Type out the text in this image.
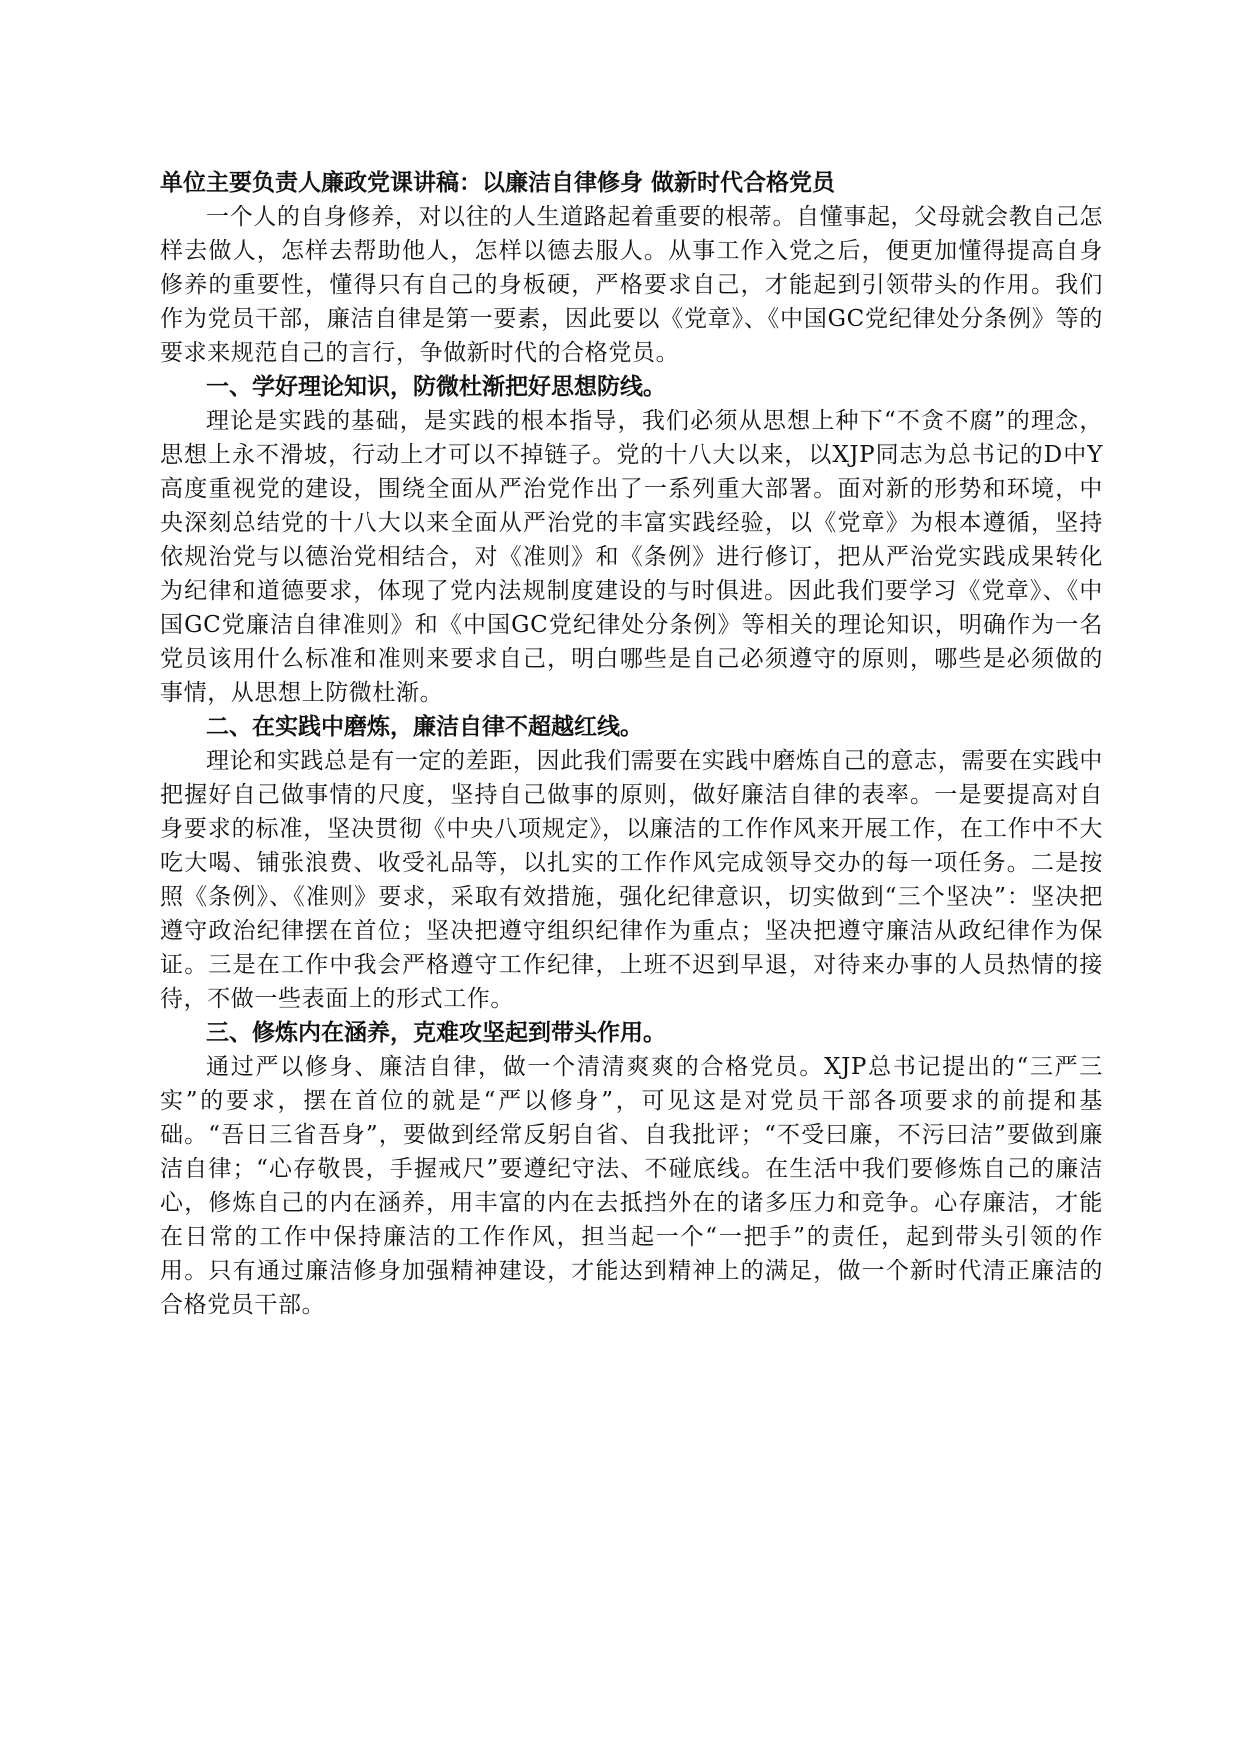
单位主要负责人廉政党课讲稿：以廉洁自律修身 做新时代合格党员

一个人的自身修养，对以往的人生道路起着重要的根蒂。自懂事起，父母就会教自己怎样去做人，怎样去帮助他人，怎样以德去服人。从事工作入党之后，便更加懂得提高自身修养的重要性，懂得只有自己的身板硬，严格要求自己，才能起到引领带头的作用。我们作为党员干部，廉洁自律是第一要素，因此要以《党章》、《中国GC党纪律处分条例》等的要求来规范自己的言行，争做新时代的合格党员。

一、学好理论知识，防微杜渐把好思想防线。

理论是实践的基础，是实践的根本指导，我们必须从思想上种下“不贪不腐”的理念，思想上永不滑坡，行动上才可以不掉链子。党的十八大以来，以XJP同志为总书记的D中Y高度重视党的建设，围绕全面从严治党作出了一系列重大部署。面对新的形势和环境，中央深刻总结党的十八大以来全面从严治党的丰富实践经验，以《党章》为根本遵循，坚持依规治党与以德治党相结合，对《准则》和《条例》进行修订，把从严治党实践成果转化为纪律和道德要求，体现了党内法规制度建设的与时俱进。因此我们要学习《党章》、《中国GC党廉洁自律准则》和《中国GC党纪律处分条例》等相关的理论知识，明确作为一名党员该用什么标准和准则来要求自己，明白哪些是自己必须遵守的原则，哪些是必须做的事情，从思想上防微杜渐。

二、在实践中磨炼，廉洁自律不超越红线。

理论和实践总是有一定的差距，因此我们需要在实践中磨炼自己的意志，需要在实践中把握好自己做事情的尺度，坚持自己做事的原则，做好廉洁自律的表率。一是要提高对自身要求的标准，坚决贯彻《中央八项规定》，以廉洁的工作作风来开展工作，在工作中不大吃大喝、铺张浪费、收受礼品等，以扎实的工作作风完成领导交办的每一项任务。二是按照《条例》、《准则》要求，采取有效措施，强化纪律意识，切实做到“三个坚决”：坚决把遵守政治纪律摆在首位；坚决把遵守组织纪律作为重点；坚决把遵守廉洁从政纪律作为保证。三是在工作中我会严格遵守工作纪律，上班不迟到早退，对待来办事的人员热情的接待，不做一些表面上的形式工作。

三、修炼内在涵养，克难攻坚起到带头作用。

通过严以修身、廉洁自律，做一个清清爽爽的合格党员。XJP总书记提出的“三严三实”的要求，摆在首位的就是“严以修身”，可见这是对党员干部各项要求的前提和基础。“吾日三省吾身”，要做到经常反躬自省、自我批评；“不受曰廉，不污曰洁”要做到廉洁自律；“心存敬畏，手握戒尺”要遵纪守法、不碰底线。在生活中我们要修炼自己的廉洁心，修炼自己的内在涵养，用丰富的内在去抵挡外在的诸多压力和竞争。心存廉洁，才能在日常的工作中保持廉洁的工作作风，担当起一个“一把手”的责任，起到带头引领的作用。只有通过廉洁修身加强精神建设，才能达到精神上的满足，做一个新时代清正廉洁的合格党员干部。
